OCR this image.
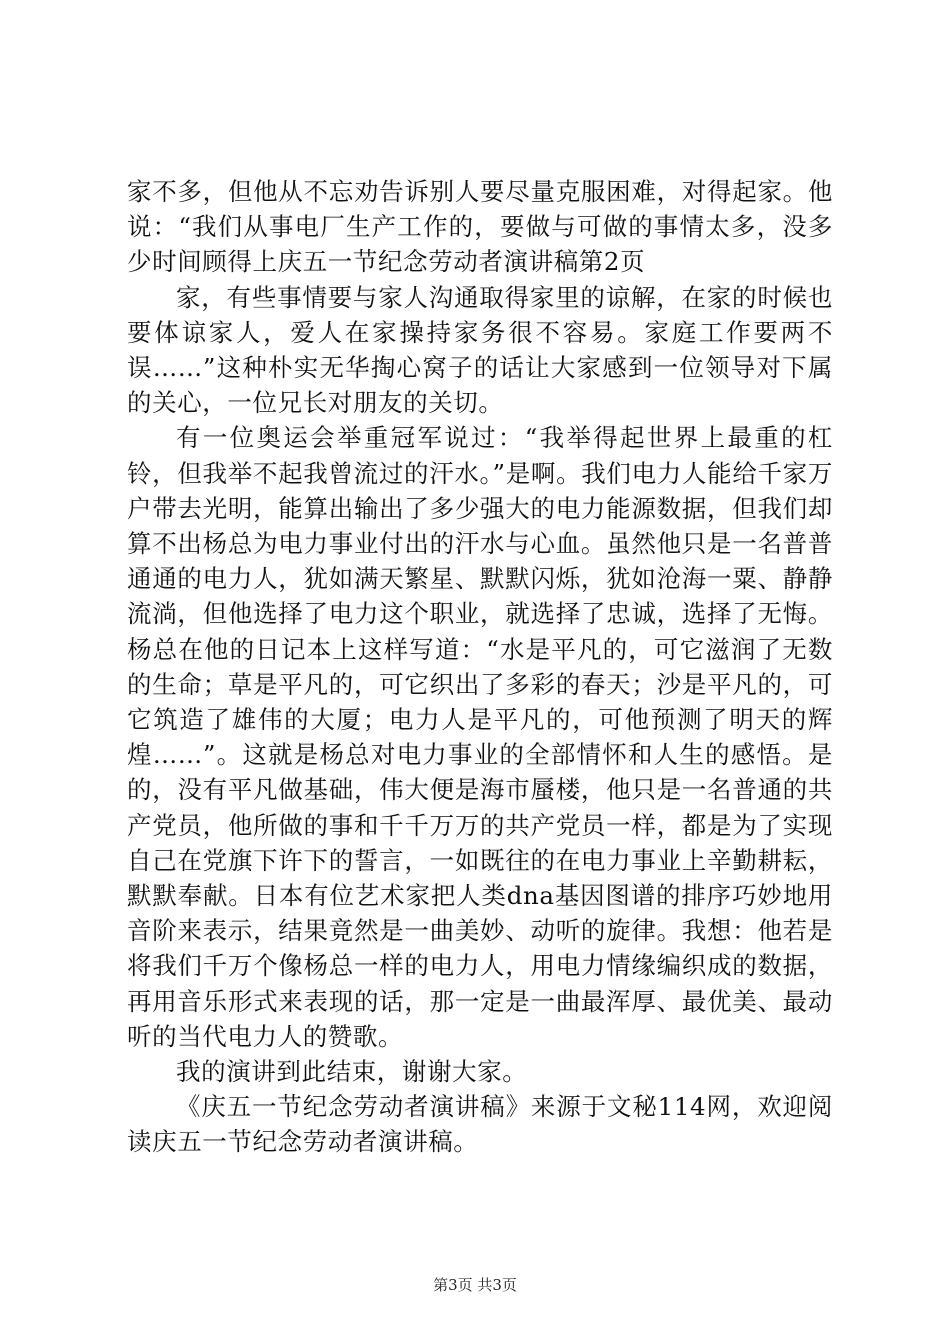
家不多，但他从不忘劝告诉别人要尽量克服困难，对得起家。他说：“我们从事电厂生产工作的，要做与可做的事情太多，没多少时间顾得上庆五一节纪念劳动者演讲稿第2页

家，有些事情要与家人沟通取得家里的谅解，在家的时候也要体谅家人，爱人在家操持家务很不容易。家庭工作要两不误……”这种朴实无华掏心窝子的话让大家感到一位领导对下属的关心，一位兄长对朋友的关切。

有一位奥运会举重冠军说过：“我举得起世界上最重的杠铃，但我举不起我曾流过的汗水。”是啊。我们电力人能给千家万户带去光明，能算出输出了多少强大的电力能源数据，但我们却算不出杨总为电力事业付出的汗水与心血。虽然他只是一名普普通通的电力人，犹如满天繁星、默默闪烁，犹如沧海一粟、静静流淌，但他选择了电力这个职业，就选择了忠诚，选择了无悔。杨总在他的日记本上这样写道：“水是平凡的，可它滋润了无数的生命；草是平凡的，可它织出了多彩的春天；沙是平凡的，可它筑造了雄伟的大厦；电力人是平凡的，可他预测了明天的辉煌……”。这就是杨总对电力事业的全部情怀和人生的感悟。是的，没有平凡做基础，伟大便是海市蜃楼，他只是一名普通的共产党员，他所做的事和千千万万的共产党员一样，都是为了实现自己在党旗下许下的誓言，一如既往的在电力事业上辛勤耕耘，默默奉献。日本有位艺术家把人类dna基因图谱的排序巧妙地用音阶来表示，结果竟然是一曲美妙、动听的旋律。我想：他若是将我们千万个像杨总一样的电力人，用电力情缘编织成的数据，再用音乐形式来表现的话，那一定是一曲最浑厚、最优美、最动听的当代电力人的赞歌。

我的演讲到此结束，谢谢大家。

《庆五一节纪念劳动者演讲稿》来源于文秘114网，欢迎阅读庆五一节纪念劳动者演讲稿。

第3页 共3页
